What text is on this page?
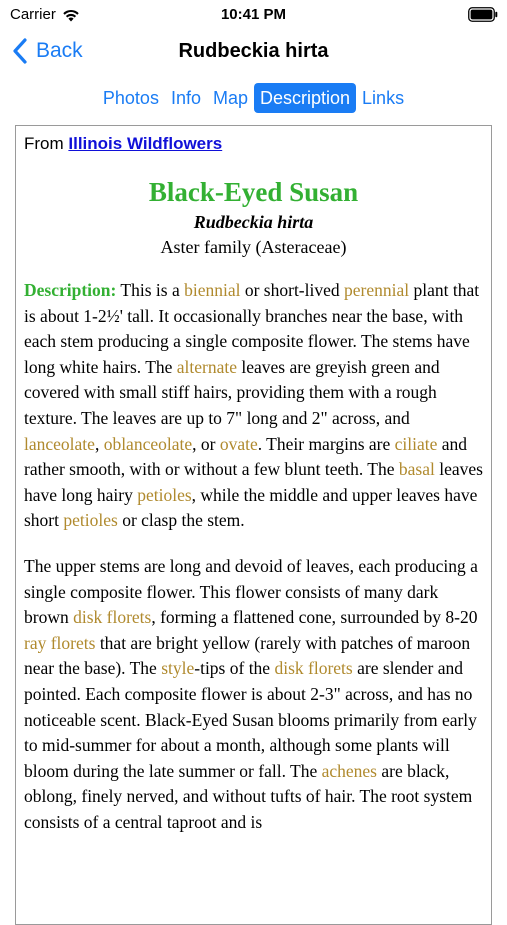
Carrier	10:41 PM
Back	Rudbeckia hirta
Photos Info Map Description Links
From Illinois Wildflowers
Black-Eyed Susan
Rudbeckia hirta
Aster family (Asteraceae)

Description: This is a biennial or short-lived perennial plant that is about 1-2½' tall. It occasionally branches near the base, with each stem producing a single composite flower. The stems have long white hairs. The alternate leaves are greyish green and covered with small stiff hairs, providing them with a rough texture. The leaves are up to 7" long and 2" across, and lanceolate, oblanceolate, or ovate. Their margins are ciliate and rather smooth, with or without a few blunt teeth. The basal leaves have long hairy petioles, while the middle and upper leaves have short petioles or clasp the stem.

The upper stems are long and devoid of leaves, each producing a single composite flower. This flower consists of many dark brown disk florets, forming a flattened cone, surrounded by 8-20 ray florets that are bright yellow (rarely with patches of maroon near the base). The style-tips of the disk florets are slender and pointed. Each composite flower is about 2-3" across, and has no noticeable scent. Black-Eyed Susan blooms primarily from early to mid-summer for about a month, although some plants will bloom during the late summer or fall. The achenes are black, oblong, finely nerved, and without tufts of hair. The root system consists of a central taproot and is
